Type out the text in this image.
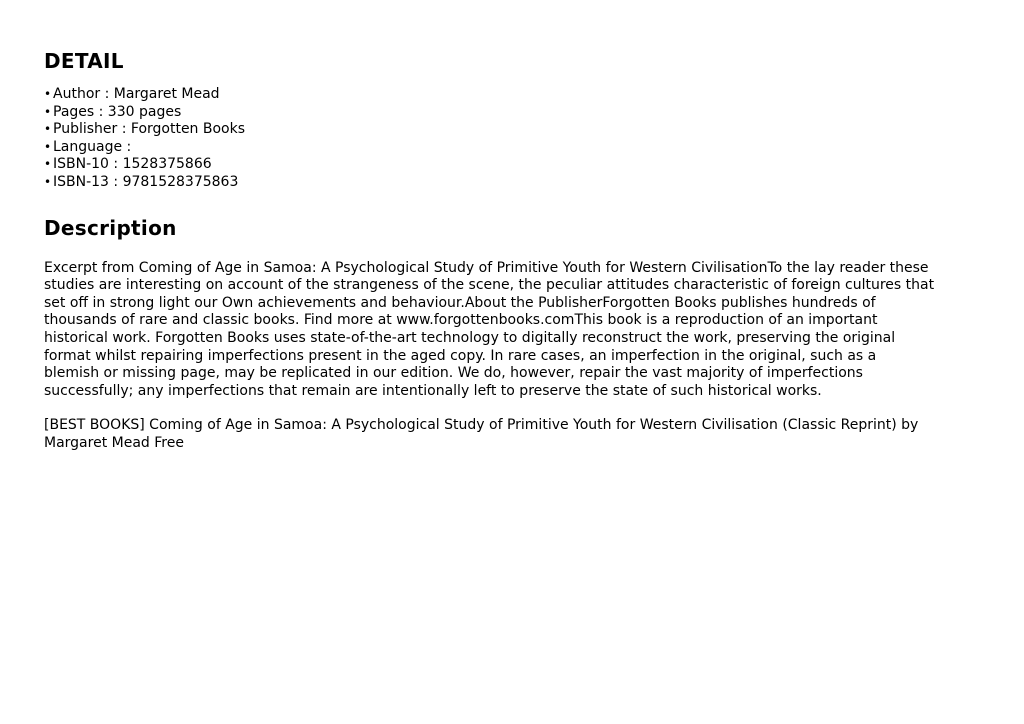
DETAIL
• Author : Margaret Mead
• Pages : 330 pages
• Publisher : Forgotten Books
• Language :
• ISBN-10 : 1528375866
• ISBN-13 : 9781528375863
Description

Excerpt from Coming of Age in Samoa: A Psychological Study of Primitive Youth for Western CivilisationTo the lay reader these
studies are interesting on account of the strangeness of the scene, the peculiar attitudes characteristic of foreign cultures that
set off in strong light our Own achievements and behaviour.About the PublisherForgotten Books publishes hundreds of
thousands of rare and classic books. Find more at www.forgottenbooks.comThis book is a reproduction of an important
historical work. Forgotten Books uses state-of-the-art technology to digitally reconstruct the work, preserving the original
format whilst repairing imperfections present in the aged copy. In rare cases, an imperfection in the original, such as a
blemish or missing page, may be replicated in our edition. We do, however, repair the vast majority of imperfections
successfully; any imperfections that remain are intentionally left to preserve the state of such historical works.

[BEST BOOKS] Coming of Age in Samoa: A Psychological Study of Primitive Youth for Western Civilisation (Classic Reprint) by
Margaret Mead Free
